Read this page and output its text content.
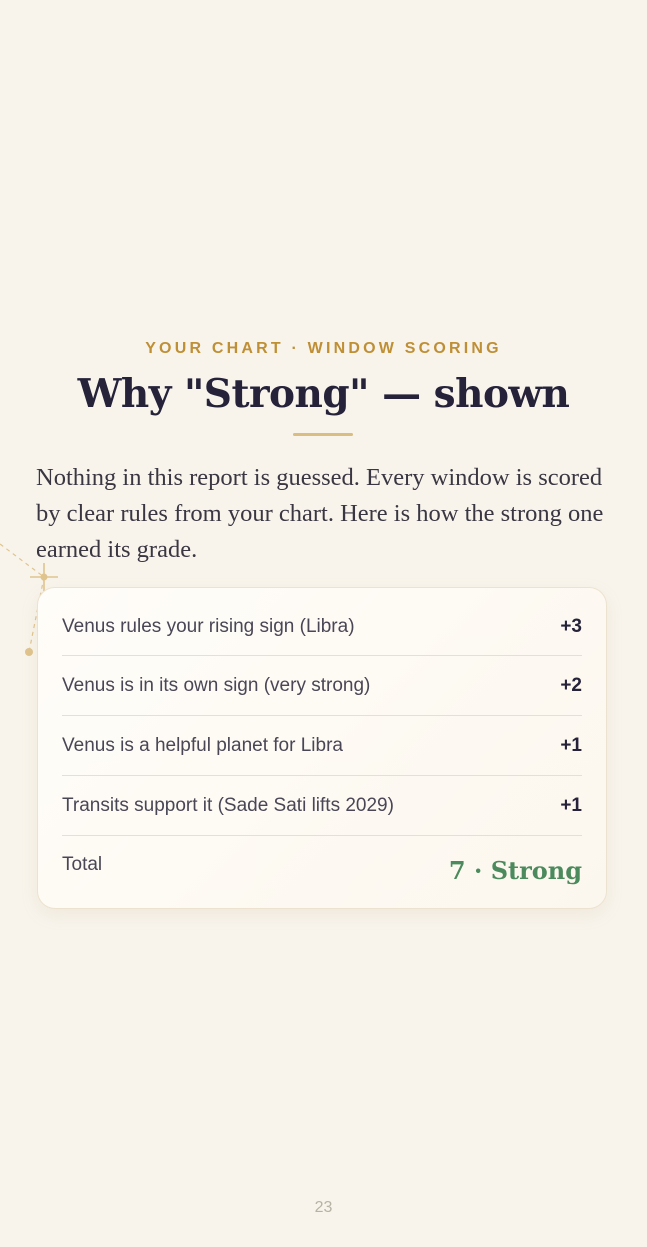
YOUR CHART · WINDOW SCORING
Why "Strong" — shown
Nothing in this report is guessed. Every window is scored by clear rules from your chart. Here is how the strong one earned its grade.
Venus rules your rising sign (Libra)	+3
Venus is in its own sign (very strong)	+2
Venus is a helpful planet for Libra	+1
Transits support it (Sade Sati lifts 2029)	+1
Total	7 · Strong
23
